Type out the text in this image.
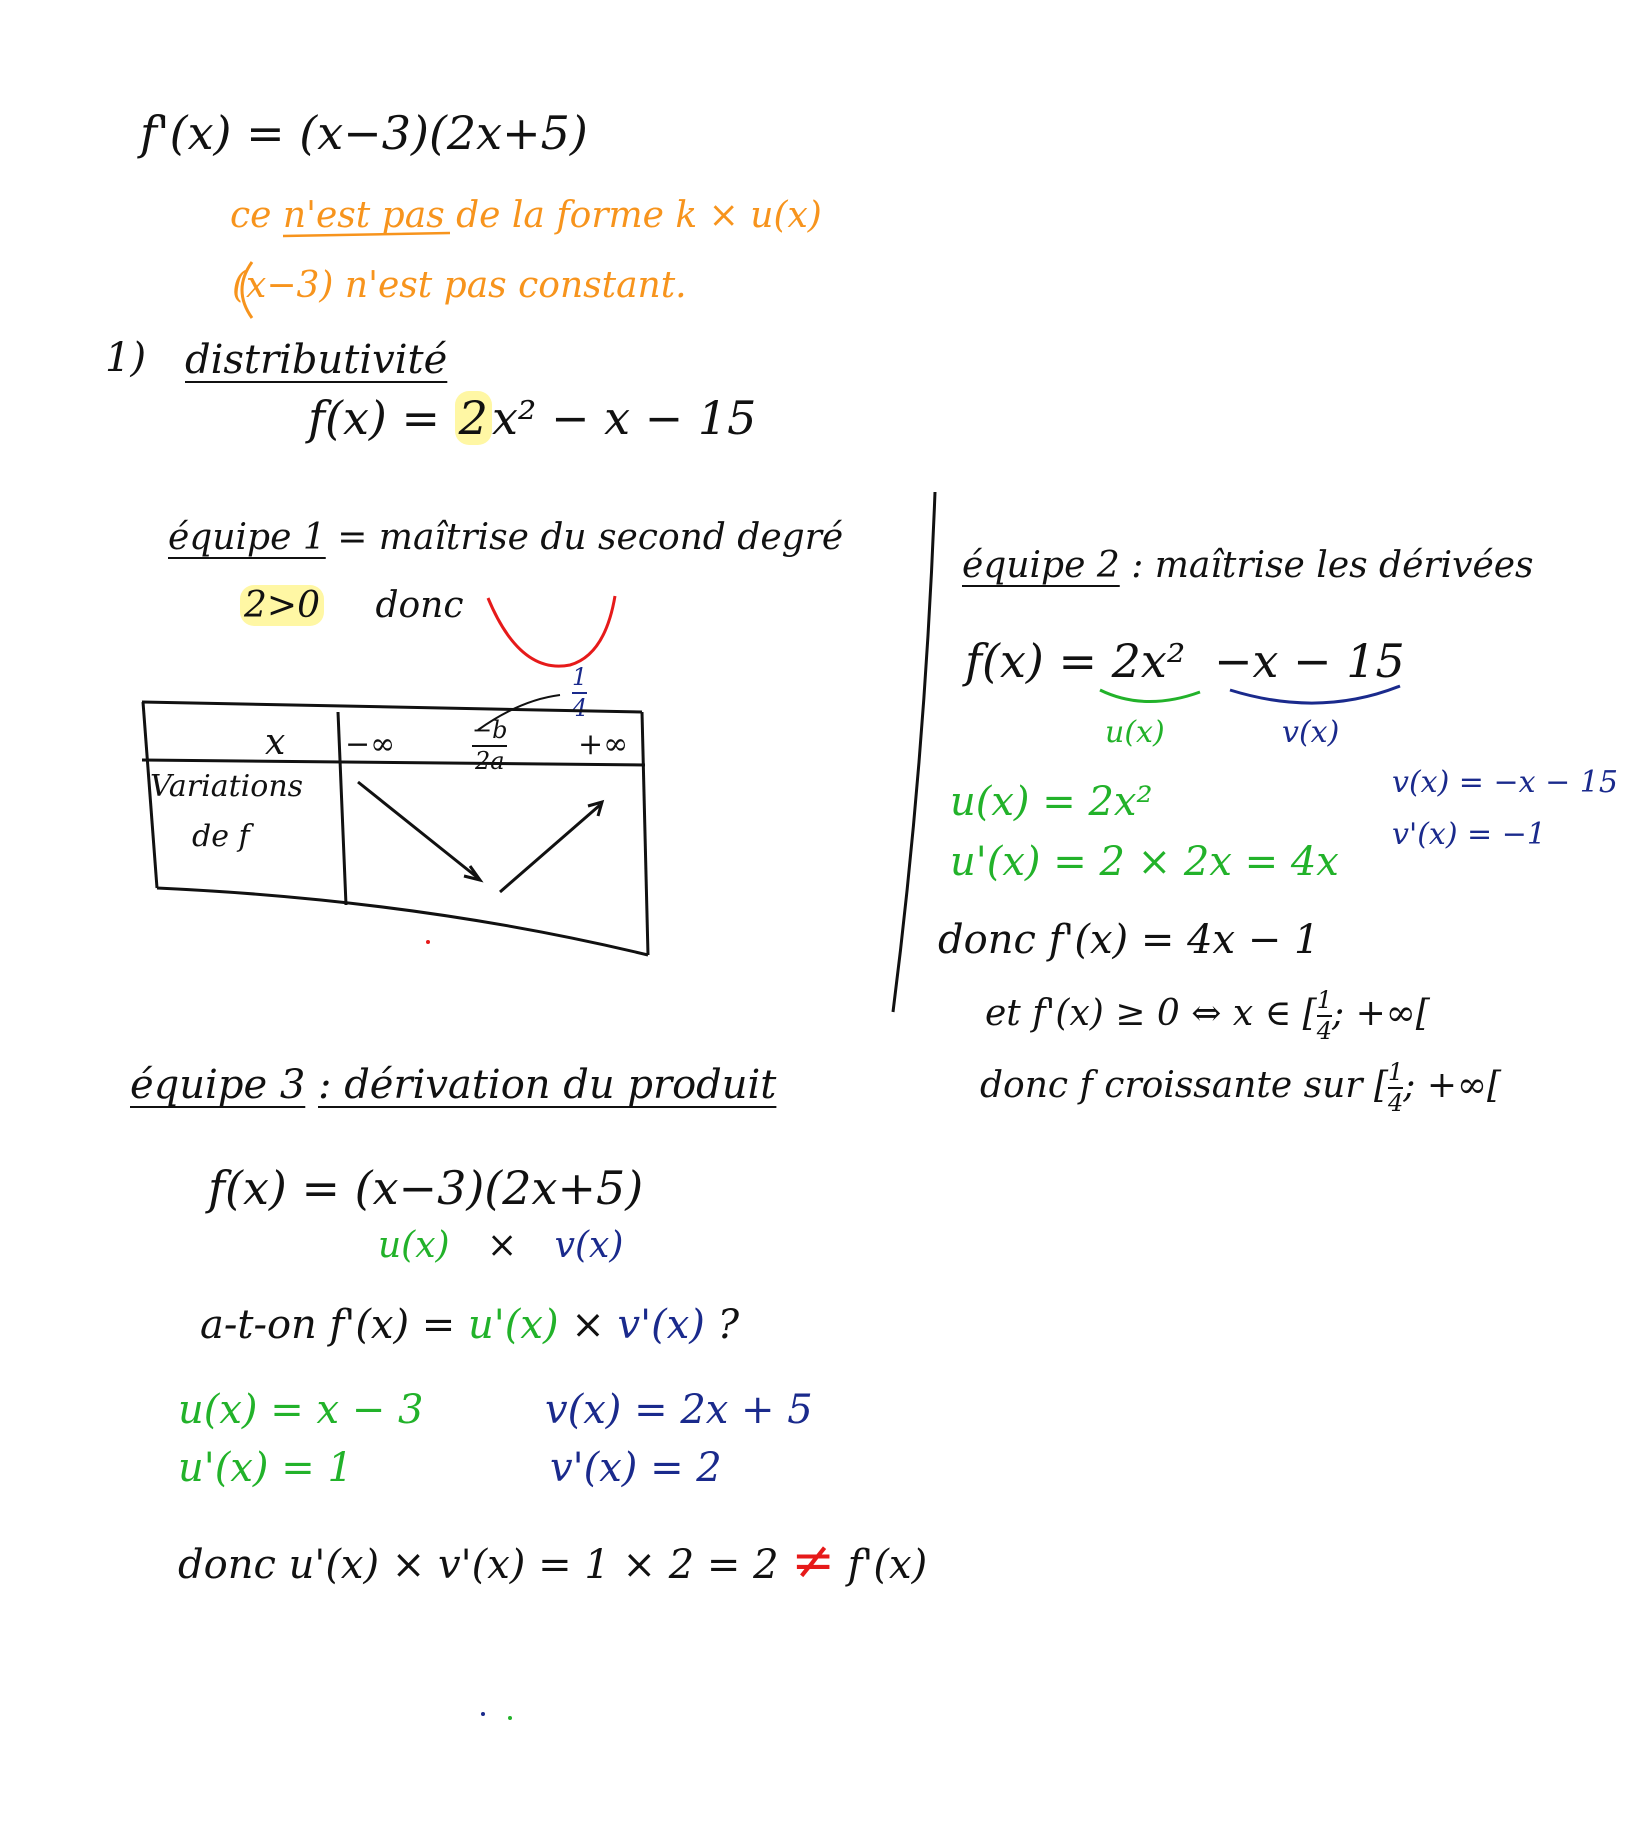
f'(x) = (x−3)(2x+5)
ce n'est pas de la forme k × u(x)
(x−3) n'est pas constant.
1) distributivité
f(x) = 2x² − x − 15
équipe 1 = maîtrise du second degré
2>0 donc
1
4
x −∞	−b
2a +∞
Variations
de f
équipe 2 : maîtrise les dérivées
f(x) = 2x² −x − 15
u(x)	v(x)
u(x) = 2x²
u'(x) = 2 × 2x = 4x
v(x) = −x − 15
v'(x) = −1
donc f'(x) = 4x − 1
et f'(x) ≥ 0 ⇔ x ∈ [ $\frac{1}{4}$ ; +∞[
donc f croissante sur [ $\frac{1}{4}$ ; +∞[
équipe 3 : dérivation du produit
f(x) = (x−3)(2x+5)
u(x) × v(x)
a-t-on f'(x) = u'(x) × v'(x) ?
u(x) = x − 3
u'(x) = 1
v(x) = 2x + 5
v'(x) = 2
donc u'(x) × v'(x) = 1 × 2 = 2 ≠ f'(x)
